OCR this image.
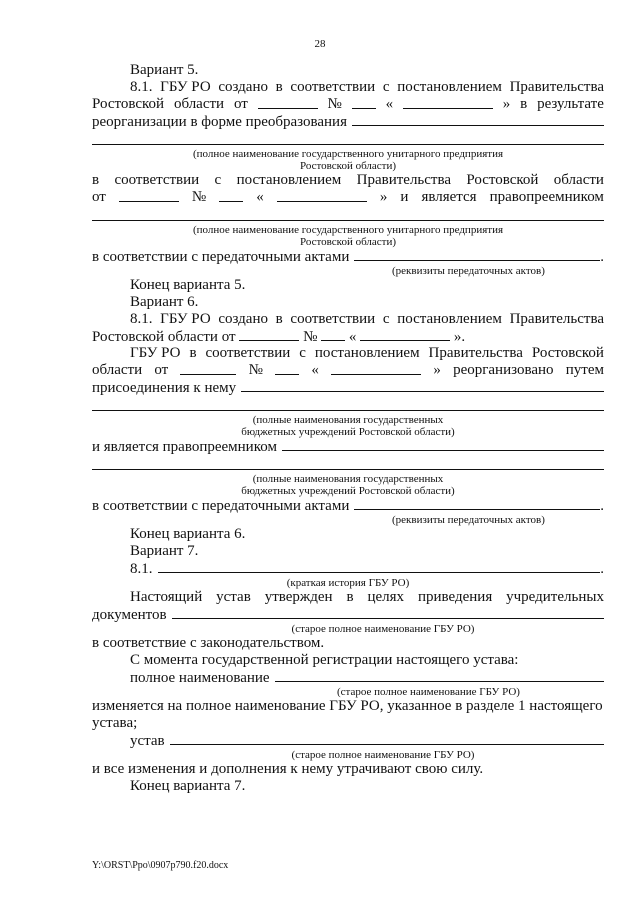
28
Вариант 5.
8.1. ГБУ РО создано в соответствии с постановлением Правительства
Ростовской области от	№	«	» в результате
реорганизации в форме преобразования
(полное наименование государственного унитарного предприятия
Ростовской области)
в соответствии с постановлением Правительства Ростовской области
от	№	«	» и является правопреемником
(полное наименование государственного унитарного предприятия
Ростовской области)
в соответствии с передаточными актами	.
(реквизиты передаточных актов)
Конец варианта 5.
Вариант 6.
8.1. ГБУ РО создано в соответствии с постановлением Правительства
Ростовской области от	№ «	».
ГБУ РО в соответствии с постановлением Правительства Ростовской
области от	№	«	» реорганизовано путем
присоединения к нему
(полные наименования государственных
бюджетных учреждений Ростовской области)
и является правопреемником
(полные наименования государственных
бюджетных учреждений Ростовской области)
в соответствии с передаточными актами	.
(реквизиты передаточных актов)
Конец варианта 6.
Вариант 7.
8.1.	.
(краткая история ГБУ РО)
Настоящий устав утвержден в целях приведения учредительных
документов
(старое полное наименование ГБУ РО)
в соответствие с законодательством.
С момента государственной регистрации настоящего устава:
полное наименование
(старое полное наименование ГБУ РО)
изменяется на полное наименование ГБУ РО, указанное в разделе 1 настоящего
устава;
устав
(старое полное наименование ГБУ РО)
и все изменения и дополнения к нему утрачивают свою силу.
Конец варианта 7.
Y:\ORST\Ppo\0907p790.f20.docx
